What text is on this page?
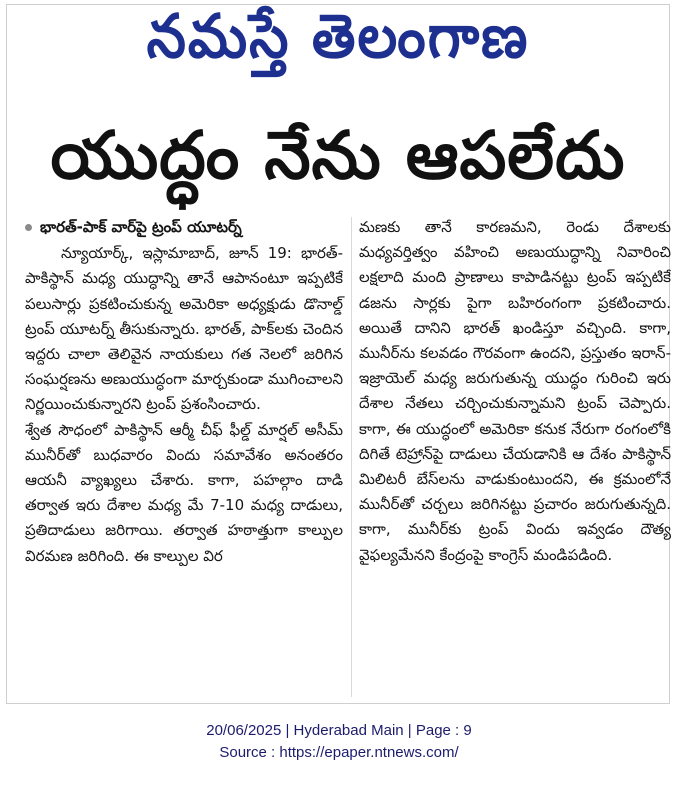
నమస్తే తెలంగాణ
యుద్ధం నేను ఆపలేదు
భారత్‌-పాక్‌ వార్‌పై ట్రంప్‌ యూటర్న్‌
న్యూయార్క్‌, ఇస్లామాబాద్‌, జూన్‌ 19: భారత్‌-పాకిస్థాన్‌ మధ్య యుద్ధాన్ని తానే ఆపానంటూ ఇప్పటికే పలుసార్లు ప్రకటించుకున్న అమెరికా అధ్యక్షుడు డొనాల్డ్‌ ట్రంప్‌ యూటర్న్‌ తీసుకున్నారు. భారత్‌, పాక్‌లకు చెందిన ఇద్దరు చాలా తెలివైన నాయకులు గత నెలలో జరిగిన సంఘర్షణను అణుయుద్ధంగా మార్చకుండా ముగించాలని నిర్ణయించుకున్నారని ట్రంప్‌ ప్రశంసించారు.
శ్వేత సౌధంలో పాకిస్థాన్‌ ఆర్మీ చీఫ్‌ ఫీల్డ్‌ మార్షల్‌ అసీమ్‌ మునీర్‌తో బుధవారం విందు సమావేశం అనంతరం ఆయనీ వ్యాఖ్యలు చేశారు. కాగా, పహల్గాం దాడి తర్వాత ఇరు దేశాల మధ్య మే 7-10 మధ్య దాడులు, ప్రతిదాడులు జరిగాయి. తర్వాత హఠాత్తుగా కాల్పుల విరమణ జరిగింది. ఈ కాల్పుల విర
మణకు తానే కారణమని, రెండు దేశాలకు మధ్యవర్తిత్వం వహించి అణుయుద్ధాన్ని నివారించి లక్షలాది మంది ప్రాణాలు కాపాడినట్టు ట్రంప్‌ ఇప్పటికే డజను సార్లకు పైగా బహిరంగంగా ప్రకటించారు. అయితే దానిని భారత్‌ ఖండిస్తూ వచ్చింది. కాగా, మునీర్‌ను కలవడం గౌరవంగా ఉందని, ప్రస్తుతం ఇరాన్‌-ఇజ్రాయెల్‌ మధ్య జరుగుతున్న యుద్ధం గురించి ఇరు దేశాల నేతలు చర్చించుకున్నామని ట్రంప్‌ చెప్పారు. కాగా, ఈ యుద్ధంలో అమెరికా కనుక నేరుగా రంగంలోకి దిగితే టెహ్రాన్‌పై దాడులు చేయడానికి ఆ దేశం పాకిస్థాన్‌ మిలిటరీ బేస్‌లను వాడుకుంటుందని, ఈ క్రమంలోనే మునీర్‌తో చర్చలు జరిగినట్టు ప్రచారం జరుగుతున్నది. కాగా, మునీర్‌కు ట్రంప్‌ విందు ఇవ్వడం దౌత్య వైఫల్యమేనని కేంద్రంపై కాంగ్రెస్‌ మండిపడింది.
20/06/2025 | Hyderabad Main | Page : 9
Source : https://epaper.ntnews.com/
